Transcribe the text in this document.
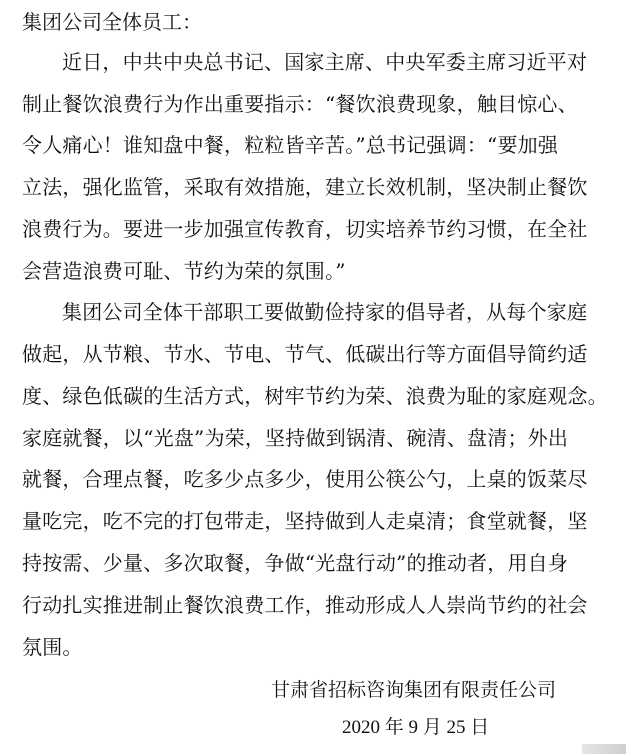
集团公司全体员工：
近日，中共中央总书记、国家主席、中央军委主席习近平对
制止餐饮浪费行为作出重要指示：“餐饮浪费现象，触目惊心、
令人痛心！谁知盘中餐，粒粒皆辛苦。”总书记强调：“要加强
立法，强化监管，采取有效措施，建立长效机制，坚决制止餐饮
浪费行为。要进一步加强宣传教育，切实培养节约习惯，在全社
会营造浪费可耻、节约为荣的氛围。”
集团公司全体干部职工要做勤俭持家的倡导者，从每个家庭
做起，从节粮、节水、节电、节气、低碳出行等方面倡导简约适
度、绿色低碳的生活方式，树牢节约为荣、浪费为耻的家庭观念。
家庭就餐，以“光盘”为荣，坚持做到锅清、碗清、盘清；外出
就餐，合理点餐，吃多少点多少，使用公筷公勺，上桌的饭菜尽
量吃完，吃不完的打包带走，坚持做到人走桌清；食堂就餐，坚
持按需、少量、多次取餐，争做“光盘行动”的推动者，用自身
行动扎实推进制止餐饮浪费工作，推动形成人人崇尚节约的社会
氛围。
甘肃省招标咨询集团有限责任公司
2020 年 9 月 25 日
